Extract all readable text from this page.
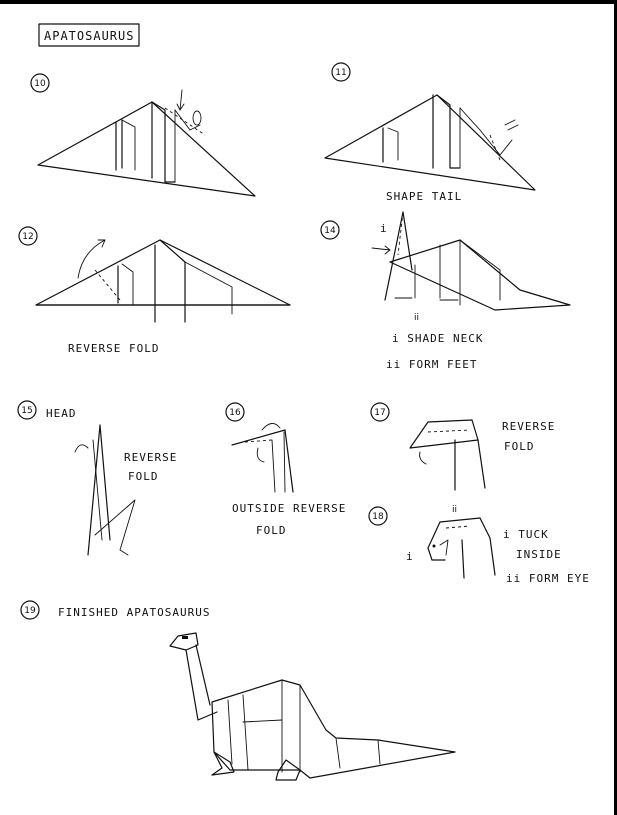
APATOSAURUS
10
11
SHAPE TAIL
12
REVERSE FOLD
14	i
ii
i SHADE NECK
ii FORM FEET
15 HEAD
REVERSE
FOLD
16
OUTSIDE REVERSE
FOLD
17
REVERSE
FOLD
18
i
ii
i TUCK
INSIDE
ii FORM EYE
19 FINISHED APATOSAURUS
